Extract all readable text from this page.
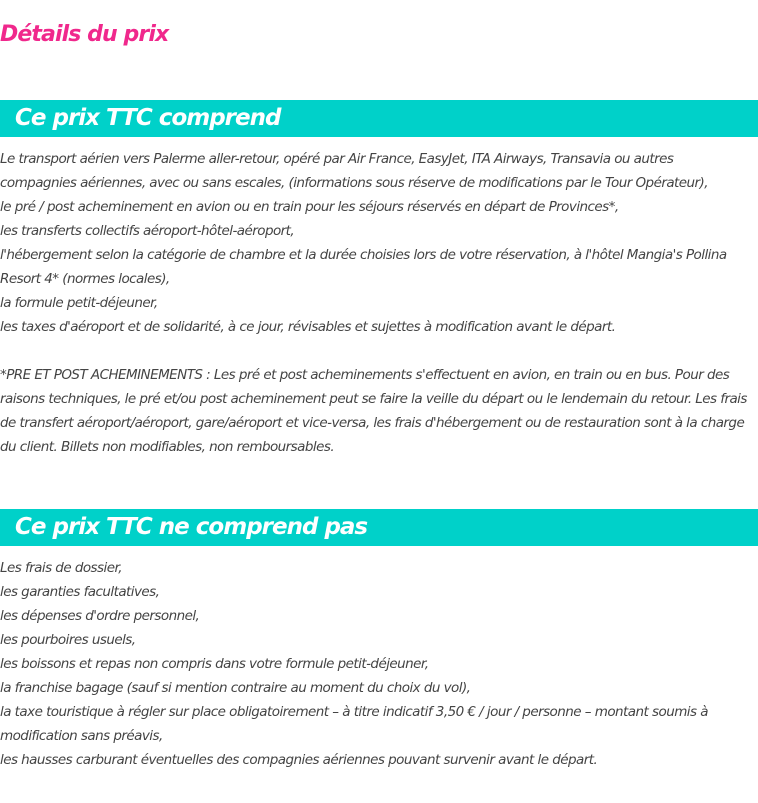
Détails du prix
Ce prix TTC comprend
Le transport aérien vers Palerme aller-retour, opéré par Air France, EasyJet, ITA Airways, Transavia ou autres
compagnies aériennes, avec ou sans escales, (informations sous réserve de modifications par le Tour Opérateur),
le pré / post acheminement en avion ou en train pour les séjours réservés en départ de Provinces*,
les transferts collectifs aéroport-hôtel-aéroport,
l'hébergement selon la catégorie de chambre et la durée choisies lors de votre réservation, à l'hôtel Mangia's Pollina
Resort 4* (normes locales),
la formule petit-déjeuner,
les taxes d'aéroport et de solidarité, à ce jour, révisables et sujettes à modification avant le départ.
*PRE ET POST ACHEMINEMENTS : Les pré et post acheminements s'effectuent en avion, en train ou en bus. Pour des
raisons techniques, le pré et/ou post acheminement peut se faire la veille du départ ou le lendemain du retour. Les frais
de transfert aéroport/aéroport, gare/aéroport et vice-versa, les frais d'hébergement ou de restauration sont à la charge
du client. Billets non modifiables, non remboursables.
Ce prix TTC ne comprend pas
Les frais de dossier,
les garanties facultatives,
les dépenses d'ordre personnel,
les pourboires usuels,
les boissons et repas non compris dans votre formule petit-déjeuner,
la franchise bagage (sauf si mention contraire au moment du choix du vol),
la taxe touristique à régler sur place obligatoirement – à titre indicatif 3,50 € / jour / personne – montant soumis à
modification sans préavis,
les hausses carburant éventuelles des compagnies aériennes pouvant survenir avant le départ.
